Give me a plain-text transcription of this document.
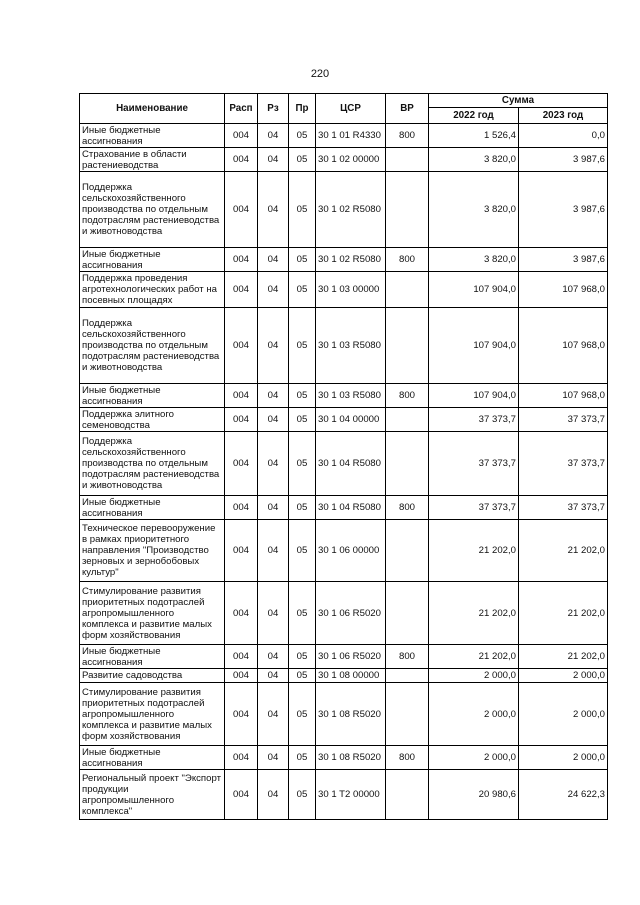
220
Наименование	Расп	Рз	Пр	ЦСР	ВР	Сумма	
						2022 год	2023 год
Иные бюджетные ассигнования	004	04	05	30 1 01 R4330	800	1 526,4	0,0
Страхование в области растениеводства	004	04	05	30 1 02 00000		3 820,0	3 987,6
Поддержка сельскохозяйственного производства по отдельным подотраслям растениеводства и животноводства	004	04	05	30 1 02 R5080		3 820,0	3 987,6
Иные бюджетные ассигнования	004	04	05	30 1 02 R5080	800	3 820,0	3 987,6
Поддержка проведения агротехнологических работ на посевных площадях	004	04	05	30 1 03 00000		107 904,0	107 968,0
Поддержка сельскохозяйственного производства по отдельным подотраслям растениеводства и животноводства	004	04	05	30 1 03 R5080		107 904,0	107 968,0
Иные бюджетные ассигнования	004	04	05	30 1 03 R5080	800	107 904,0	107 968,0
Поддержка элитного семеноводства	004	04	05	30 1 04 00000		37 373,7	37 373,7
Поддержка сельскохозяйственного производства по отдельным подотраслям растениеводства и животноводства	004	04	05	30 1 04 R5080		37 373,7	37 373,7
Иные бюджетные ассигнования	004	04	05	30 1 04 R5080	800	37 373,7	37 373,7
Техническое перевооружение в рамках приоритетного направления "Производство зерновых и зернобобовых культур"	004	04	05	30 1 06 00000		21 202,0	21 202,0
Стимулирование развития приоритетных подотраслей агропромышленного комплекса и развитие малых форм хозяйствования	004	04	05	30 1 06 R5020		21 202,0	21 202,0
Иные бюджетные ассигнования	004	04	05	30 1 06 R5020	800	21 202,0	21 202,0
Развитие садоводства	004	04	05	30 1 08 00000		2 000,0	2 000,0
Стимулирование развития приоритетных подотраслей агропромышленного комплекса и развитие малых форм хозяйствования	004	04	05	30 1 08 R5020		2 000,0	2 000,0
Иные бюджетные ассигнования	004	04	05	30 1 08 R5020	800	2 000,0	2 000,0
Региональный проект "Экспорт продукции агропромышленного комплекса"	004	04	05	30 1 T2 00000		20 980,6	24 622,3
